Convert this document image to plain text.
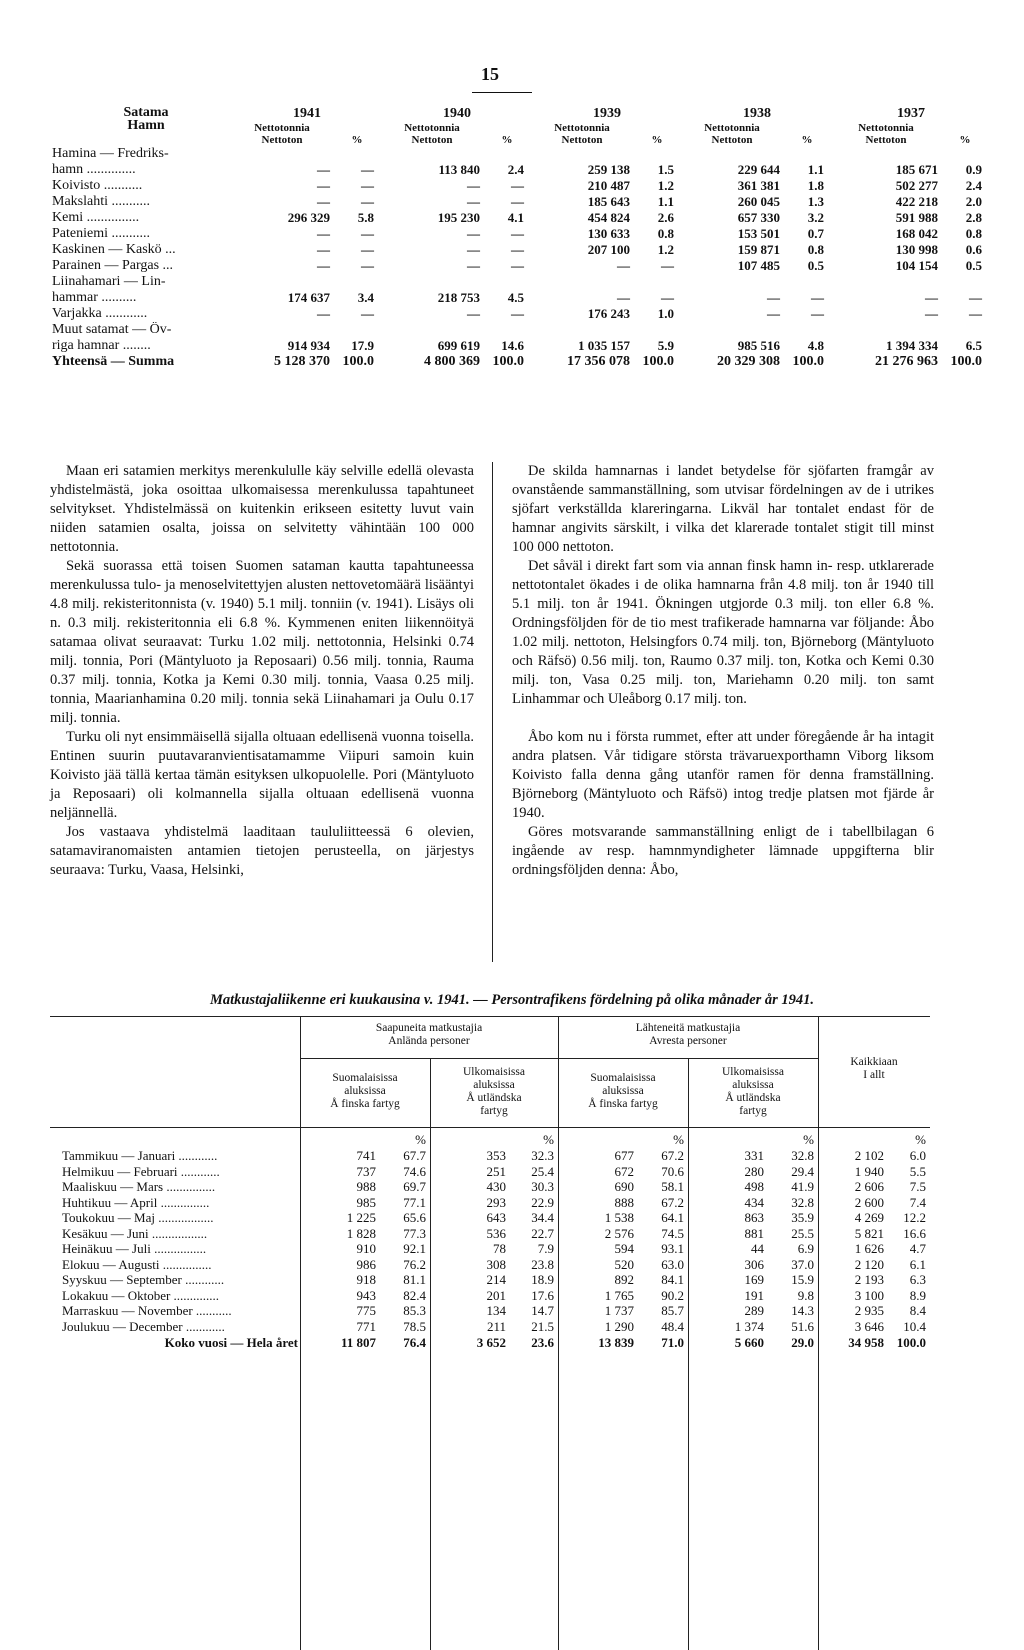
15
Satama
Hamn	1941		1940		1939		1938		1937	
	Nettotonnia		Nettotonnia		Nettotonnia		Nettotonnia		Nettotonnia	
	Nettoton	%	Nettoton	%	Nettoton	%	Nettoton	%	Nettoton	%
Hamina — Fredriks-										
hamn ..............	—	—	113 840	2.4	259 138	1.5	229 644	1.1	185 671	0.9
Koivisto ...........	—	—	—	—	210 487	1.2	361 381	1.8	502 277	2.4
Makslahti ...........	—	—	—	—	185 643	1.1	260 045	1.3	422 218	2.0
Kemi ...............	296 329	5.8	195 230	4.1	454 824	2.6	657 330	3.2	591 988	2.8
Pateniemi ...........	—	—	—	—	130 633	0.8	153 501	0.7	168 042	0.8
Kaskinen — Kaskö ...	—	—	—	—	207 100	1.2	159 871	0.8	130 998	0.6
Parainen — Pargas ...	—	—	—	—	—	—	107 485	0.5	104 154	0.5
Liinahamari — Lin-										
hammar ..........	174 637	3.4	218 753	4.5	—	—	—	—	—	—
Varjakka ............	—	—	—	—	176 243	1.0	—	—	—	—
Muut satamat — Öv-										
riga hamnar ........	914 934	17.9	699 619	14.6	1 035 157	5.9	985 516	4.8	1 394 334	6.5
Yhteensä — Summa	5 128 370	100.0	4 800 369	100.0	17 356 078	100.0	20 329 308	100.0	21 276 963	100.0

Maan eri satamien merkitys merenkululle käy selville edellä olevasta yhdistelmästä, joka osoittaa ulkomaisessa merenkulussa tapahtuneet selvitykset. Yhdistelmässä on kuitenkin erikseen esitetty luvut vain niiden satamien osalta, joissa on selvitetty vähintään 100 000 nettotonnia.

Sekä suorassa että toisen Suomen sataman kautta tapahtuneessa merenkulussa tulo- ja menoselvitettyjen alusten nettovetomäärä lisääntyi 4.8 milj. rekisteritonnista (v. 1940) 5.1 milj. tonniin (v. 1941). Lisäys oli n. 0.3 milj. rekisteritonnia eli 6.8 %. Kymmenen eniten liikennöityä satamaa olivat seuraavat: Turku 1.02 milj. nettotonnia, Helsinki 0.74 milj. tonnia, Pori (Mäntyluoto ja Reposaari) 0.56 milj. tonnia, Rauma 0.37 milj. tonnia, Kotka ja Kemi 0.30 milj. tonnia, Vaasa 0.25 milj. tonnia, Maarianhamina 0.20 milj. tonnia sekä Liinahamari ja Oulu 0.17 milj. tonnia.

Turku oli nyt ensimmäisellä sijalla oltuaan edellisenä vuonna toisella. Entinen suurin puutavaranvientisatamamme Viipuri samoin kuin Koivisto jää tällä kertaa tämän esityksen ulkopuolelle. Pori (Mäntyluoto ja Reposaari) oli kolmannella sijalla oltuaan edellisenä vuonna neljännellä.

Jos vastaava yhdistelmä laaditaan taululiitteessä 6 olevien, satamaviranomaisten antamien tietojen perusteella, on järjestys seuraava: Turku, Vaasa, Helsinki,

De skilda hamnarnas i landet betydelse för sjöfarten framgår av ovanstående sammanställning, som utvisar fördelningen av de i utrikes sjöfart verkställda klareringarna. Likväl har tontalet endast för de hamnar angivits särskilt, i vilka det klarerade tontalet stigit till minst 100 000 nettoton.

Det såväl i direkt fart som via annan finsk hamn in- resp. utklarerade nettotontalet ökades i de olika hamnarna från 4.8 milj. ton år 1940 till 5.1 milj. ton år 1941. Ökningen utgjorde 0.3 milj. ton eller 6.8 %. Ordningsföljden för de tio mest trafikerade hamnarna var följande: Åbo 1.02 milj. nettoton, Helsingfors 0.74 milj. ton, Björneborg (Mäntyluoto och Räfsö) 0.56 milj. ton, Raumo 0.37 milj. ton, Kotka och Kemi 0.30 milj. ton, Vasa 0.25 milj. ton, Mariehamn 0.20 milj. ton samt Linhammar och Uleåborg 0.17 milj. ton.

Åbo kom nu i första rummet, efter att under föregående år ha intagit andra platsen. Vår tidigare största trävaruexporthamn Viborg liksom Koivisto falla denna gång utanför ramen för denna framställning. Björneborg (Mäntyluoto och Räfsö) intog tredje platsen mot fjärde år 1940.

Göres motsvarande sammanställning enligt de i tabellbilagan 6 ingående av resp. hamnmyndigheter lämnade uppgifterna blir ordningsföljden denna: Åbo,

Matkustajaliikenne eri kuukausina v. 1941. — Persontrafikens fördelning på olika månader år 1941.
Saapuneita matkustajia
Anlända personer
Lähteneitä matkustajia
Avresta personer
Suomalaisissa
aluksissa
Å finska fartyg
Ulkomaisissa
aluksissa
Å utländska
fartyg
Suomalaisissa
aluksissa
Å finska fartyg
Ulkomaisissa
aluksissa
Å utländska
fartyg
Kaikkiaan
I allt
%	%	%	%	%
Tammikuu — Januari ............	741	67.7	353	32.3	677	67.2	331	32.8	2 102	6.0
Helmikuu — Februari ............	737	74.6	251	25.4	672	70.6	280	29.4	1 940	5.5
Maaliskuu — Mars ...............	988	69.7	430	30.3	690	58.1	498	41.9	2 606	7.5
Huhtikuu — April ...............	985	77.1	293	22.9	888	67.2	434	32.8	2 600	7.4
Toukokuu — Maj .................	1 225	65.6	643	34.4	1 538	64.1	863	35.9	4 269	12.2
Kesäkuu — Juni .................	1 828	77.3	536	22.7	2 576	74.5	881	25.5	5 821	16.6
Heinäkuu — Juli ................	910	92.1	78	7.9	594	93.1	44	6.9	1 626	4.7
Elokuu — Augusti ...............	986	76.2	308	23.8	520	63.0	306	37.0	2 120	6.1
Syyskuu — September ............	918	81.1	214	18.9	892	84.1	169	15.9	2 193	6.3
Lokakuu — Oktober ..............	943	82.4	201	17.6	1 765	90.2	191	9.8	3 100	8.9
Marraskuu — November ...........	775	85.3	134	14.7	1 737	85.7	289	14.3	2 935	8.4
Joulukuu — December ............	771	78.5	211	21.5	1 290	48.4	1 374	51.6	3 646	10.4
Koko vuosi — Hela året	11 807	76.4	3 652	23.6	13 839	71.0	5 660	29.0	34 958 100.0
